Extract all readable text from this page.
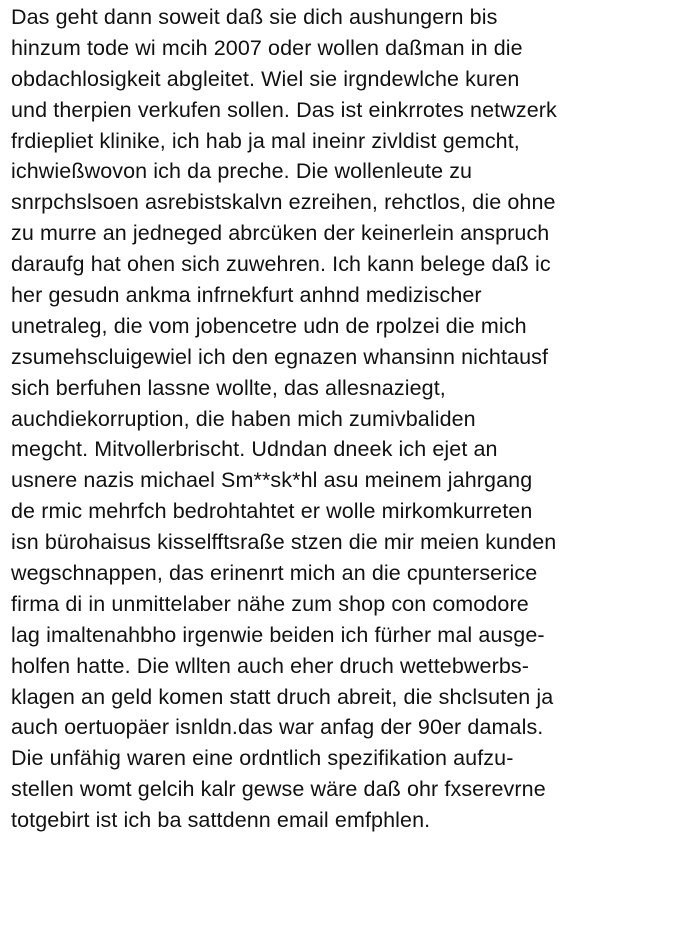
Das geht dann soweit daß sie dich aushungern bis
hinzum tode wi mcih 2007 oder wollen daßman in die
obdachlosigkeit abgleitet. Wiel sie irgndewlche kuren
und therpien verkufen sollen. Das ist einkrrotes netwzerk
frdiepliet klinike, ich hab ja mal ineinr zivldist gemcht,
ichwießwovon ich da preche. Die wollenleute zu
snrpchslsoen asrebistskalvn ezreihen, rehctlos, die ohne
zu murre an jedneged abrcüken der keinerlein anspruch
daraufg hat ohen sich zuwehren. Ich kann belege daß ic
her gesudn ankma infrnekfurt anhnd medizischer
unetraleg, die vom jobencetre udn de rpolzei die mich
zsumehscluigewiel ich den egnazen whansinn nichtausf
sich berfuhen lassne wollte, das allesnaziegt,
auchdiekorruption, die haben mich zumivbaliden
megcht. Mitvollerbrischt. Udndan dneek ich ejet an
usnere nazis michael Sm**sk*hl asu meinem jahrgang
de rmic mehrfch bedrohtahtet er wolle mirkomkurreten
isn bürohaisus kisselfftsraße stzen die mir meien kunden
wegschnappen, das erinenrt mich an die cpunterserice
firma di in unmittelaber nähe zum shop con comodore
lag imaltenahbho irgenwie beiden ich fürher mal ausge-
holfen hatte. Die wllten auch eher druch wettebwerbs-
klagen an geld komen statt druch abreit, die shclsuten ja
auch oertuopäer isnldn.das war anfag der 90er damals.
Die unfähig waren eine ordntlich spezifikation aufzu-
stellen womt gelcih kalr gewse wäre daß ohr fxserevrne
totgebirt ist ich ba sattdenn email emfphlen.
